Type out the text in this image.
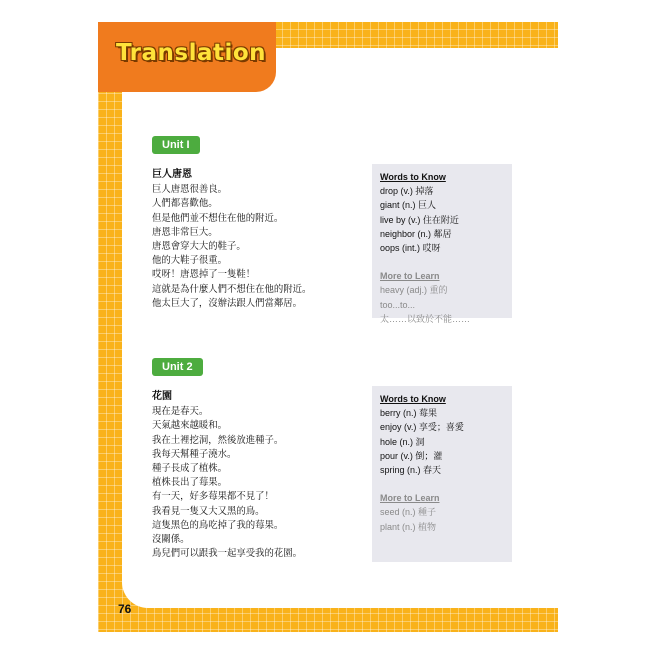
Unit I
巨人唐恩
巨人唐恩很善良。
人們都喜歡他。
但是他們並不想住在他的附近。
唐恩非常巨大。
唐恩會穿大大的鞋子。
他的大鞋子很重。
哎呀！唐恩掉了一隻鞋！
這就是為什麼人們不想住在他的附近。
他太巨大了，沒辦法跟人們當鄰居。
Words to Know
drop (v.) 掉落
giant (n.) 巨人
live by (v.) 住在附近
neighbor (n.) 鄰居
oops (int.) 哎呀
More to Learn
heavy (adj.) 重的
too...to...
太……以致於不能……
Unit 2
花園
現在是春天。
天氣越來越暖和。
我在土裡挖洞，然後放進種子。
我每天幫種子澆水。
種子長成了植株。
植株長出了莓果。
有一天，好多莓果都不見了！
我看見一隻又大又黑的鳥。
這隻黑色的鳥吃掉了我的莓果。
沒關係。
鳥兒們可以跟我一起享受我的花園。
Words to Know
berry (n.) 莓果
enjoy (v.) 享受；喜愛
hole (n.) 洞
pour (v.) 倒；灌
spring (n.) 春天
More to Learn
seed (n.) 種子
plant (n.) 植物
Translation
76
